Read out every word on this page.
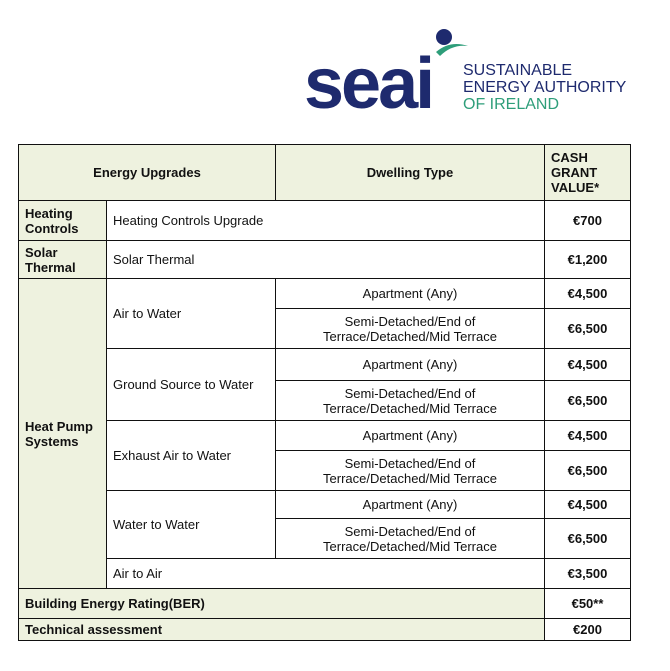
seai SUSTAINABLE
ENERGY AUTHORITY
OF IRELAND
Energy Upgrades		Dwelling Type	CASH GRANT VALUE*
Heating Controls	Heating Controls Upgrade		€700
Solar Thermal	Solar Thermal		€1,200
Heat Pump Systems	Air to Water	Apartment (Any)	€4,500
		Semi-Detached/End of
Terrace/Detached/Mid Terrace	€6,500
	Ground Source to Water	Apartment (Any)	€4,500
		Semi-Detached/End of
Terrace/Detached/Mid Terrace	€6,500
	Exhaust Air to Water	Apartment (Any)	€4,500
		Semi-Detached/End of
Terrace/Detached/Mid Terrace	€6,500
	Water to Water	Apartment (Any)	€4,500
		Semi-Detached/End of
Terrace/Detached/Mid Terrace	€6,500
	Air to Air		€3,500
Building Energy Rating(BER)			€50**
Technical assessment			€200
